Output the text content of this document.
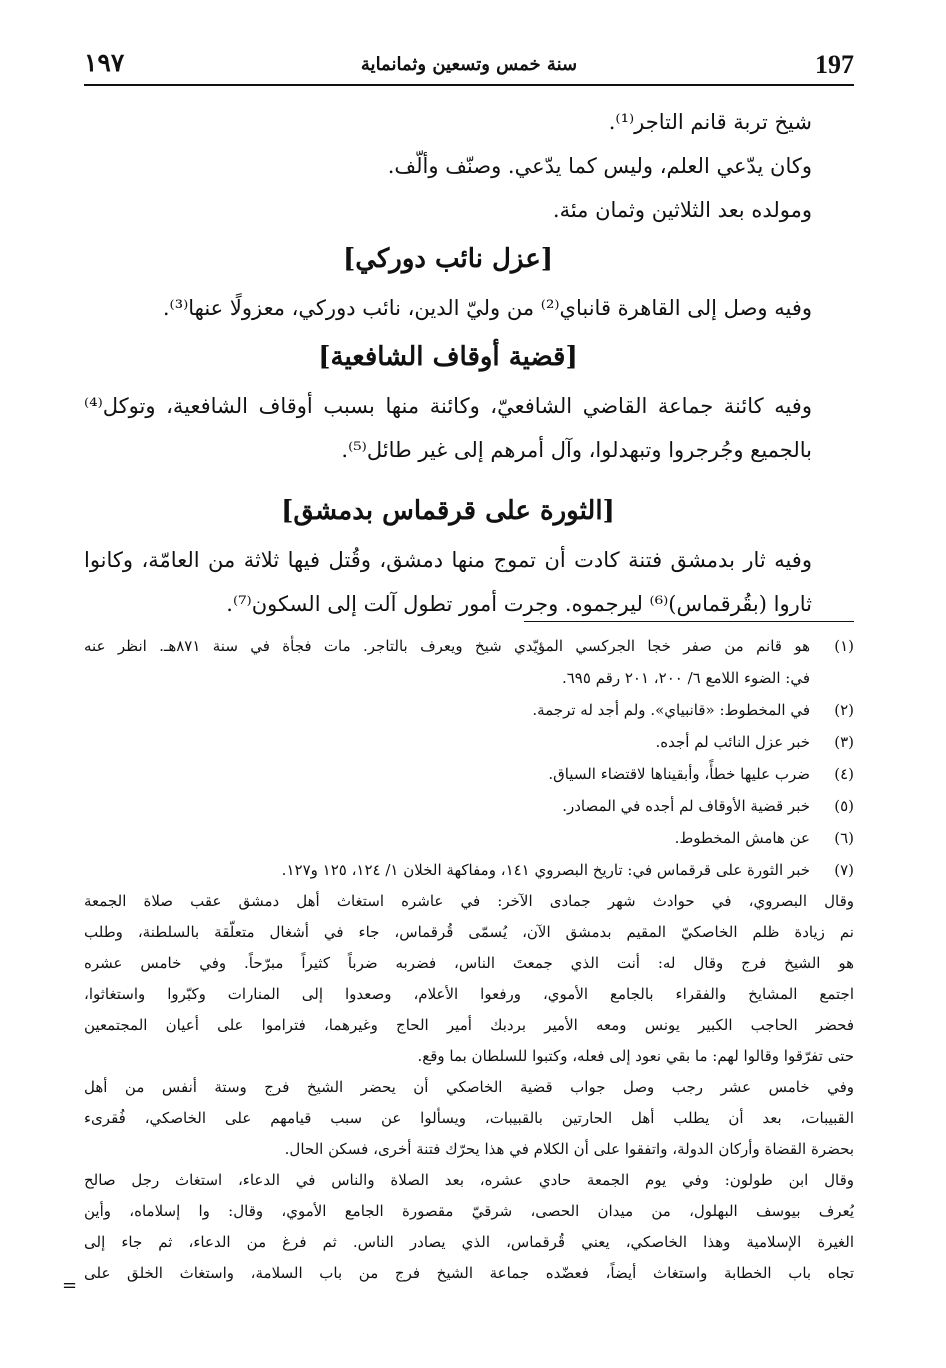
197
سنة خمس وتسعين وثمانماية
١٩٧
شيخ تربة قانم التاجر⁽¹⁾.
وكان يدّعي العلم، وليس كما يدّعي. وصنّف وألّف.
ومولده بعد الثلاثين وثمان مئة.
[عزل نائب دوركي]
وفيه وصل إلى القاهرة قانباي⁽²⁾ من وليّ الدين، نائب دوركي، معزولًا عنها⁽³⁾.
[قضية أوقاف الشافعية]
وفيه كائنة جماعة القاضي الشافعيّ، وكائنة منها بسبب أوقاف الشافعية، وتوكل⁽⁴⁾
بالجميع وجُرجروا وتبهدلوا، وآل أمرهم إلى غير طائل⁽⁵⁾.
[الثورة على قرقماس بدمشق]
وفيه ثار بدمشق فتنة كادت أن تموج منها دمشق، وقُتل فيها ثلاثة من العامّة، وكانوا
ثاروا (بقُرقماس)⁽⁶⁾ ليرجموه. وجرت أمور تطول آلت إلى السكون⁽⁷⁾.
(١)
هو قانم من صفر خجا الجركسي المؤيّدي شيخ ويعرف بالتاجر. مات فجأة في سنة ٨٧١هـ. انظر عنه
في: الضوء اللامع ٦/ ٢٠٠، ٢٠١ رقم ٦٩٥.
(٢)
في المخطوط: «قانبياي». ولم أجد له ترجمة.
(٣)
خبر عزل النائب لم أجده.
(٤)
ضرب عليها خطأً، وأبقيناها لاقتضاء السياق.
(٥)
خبر قضية الأوقاف لم أجده في المصادر.
(٦)
عن هامش المخطوط.
(٧)
خبر الثورة على قرقماس في: تاريخ البصروي ١٤١، ومفاكهة الخلان ١/ ١٢٤، ١٢٥ و١٢٧.
وقال البصروي، في حوادث شهر جمادى الآخر: في عاشره استغاث أهل دمشق عقب صلاة الجمعة
نم زيادة ظلم الخاصكيّ المقيم بدمشق الآن، يُسمّى قُرقماس، جاء في أشغال متعلّقة بالسلطنة، وطلب
هو الشيخ فرج وقال له: أنت الذي جمعتَ الناس، فضربه ضرباً كثيراً مبرّحاً. وفي خامس عشره
اجتمع المشايخ والفقراء بالجامع الأموي، ورفعوا الأعلام، وصعدوا إلى المنارات وكبّروا واستغاثوا،
فحضر الحاجب الكبير يونس ومعه الأمير بردبك أمير الحاج وغيرهما، فتراموا على أعيان المجتمعين
حتى تفرّقوا وقالوا لهم: ما بقي نعود إلى فعله، وكتبوا للسلطان بما وقع.
وفي خامس عشر رجب وصل جواب قضية الخاصكي أن يحضر الشيخ فرج وستة أنفس من أهل
القبيبات، بعد أن يطلب أهل الحارتين بالقبيبات، ويسألوا عن سبب قيامهم على الخاصكي، فُقرىء
بحضرة القضاة وأركان الدولة، واتفقوا على أن الكلام في هذا يحرّك فتنة أخرى، فسكن الحال.
وقال ابن طولون: وفي يوم الجمعة حادي عشره، بعد الصلاة والناس في الدعاء، استغاث رجل صالح
يُعرف بيوسف البهلول، من ميدان الحصى، شرقيّ مقصورة الجامع الأموي، وقال: وا إسلاماه، وأين
الغيرة الإسلامية وهذا الخاصكي، يعني قُرقماس، الذي يصادر الناس. ثم فرغ من الدعاء، ثم جاء إلى
تجاه باب الخطابة واستغاث أيضاً، فعضّده جماعة الشيخ فرج من باب السلامة، واستغاث الخلق على
=
